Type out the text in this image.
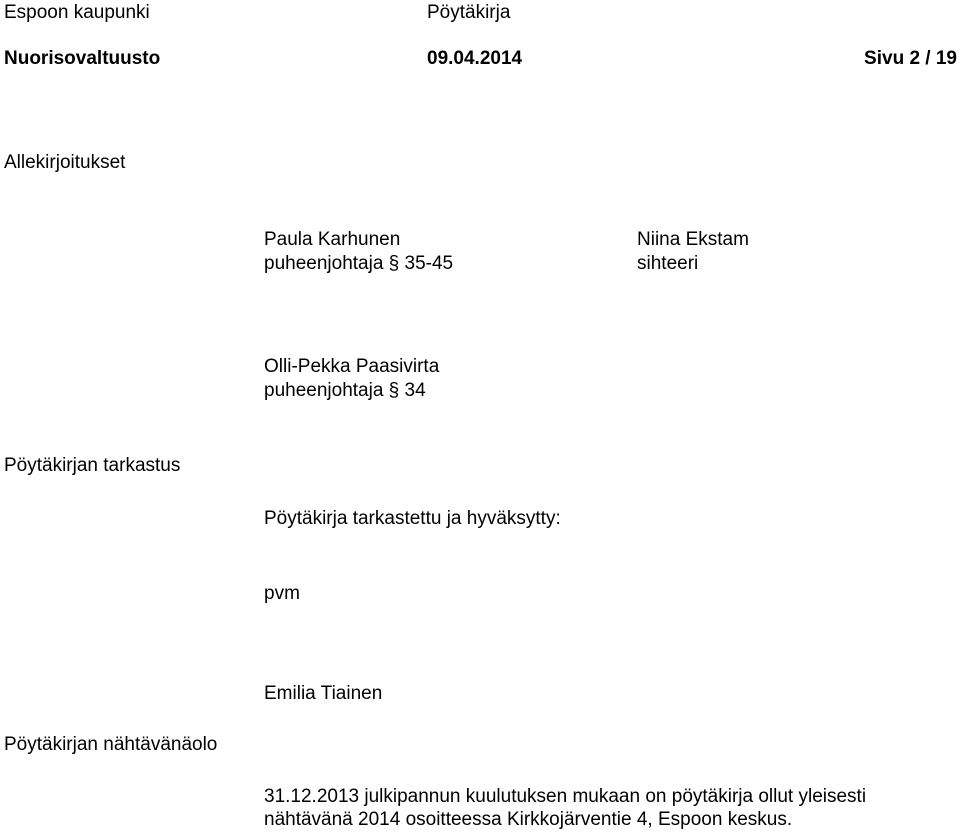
Espoon kaupunki	Pöytäkirja
Nuorisovaltuusto	09.04.2014	Sivu 2 / 19
Allekirjoitukset
Paula Karhunen
puheenjohtaja § 35-45
Niina Ekstam
sihteeri
Olli-Pekka Paasivirta
puheenjohtaja § 34
Pöytäkirjan tarkastus
Pöytäkirja tarkastettu ja hyväksytty:
pvm
Emilia Tiainen
Pöytäkirjan nähtävänäolo
31.12.2013 julkipannun kuulutuksen mukaan on pöytäkirja ollut yleisesti
nähtävänä 2014 osoitteessa Kirkkojärventie 4, Espoon keskus.
